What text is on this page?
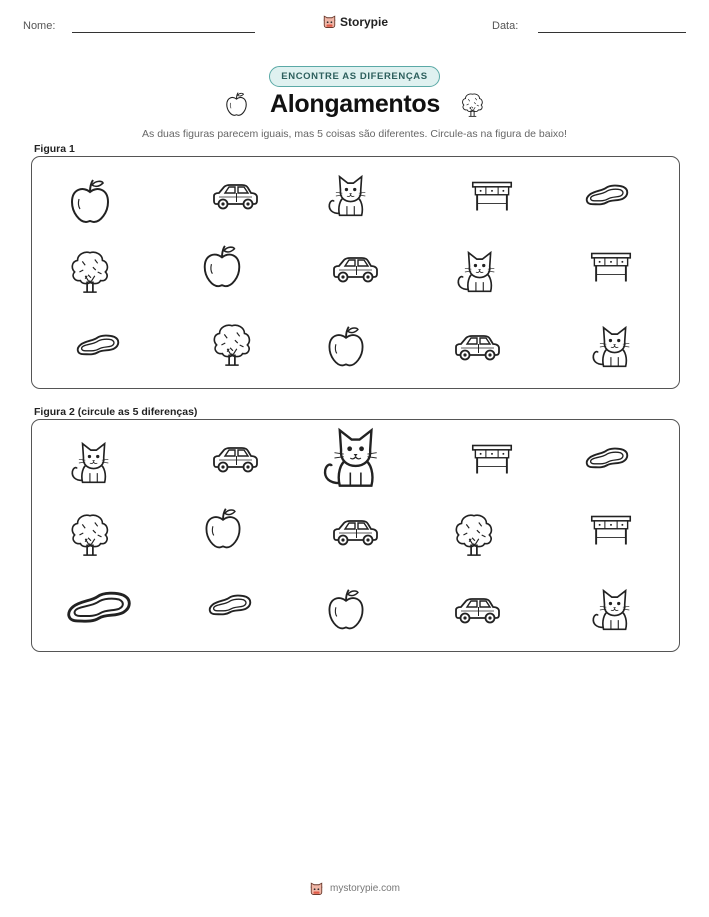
Nome:	Storypie	Data:
ENCONTRE AS DIFERENÇAS
Alongamentos
As duas figuras parecem iguais, mas 5 coisas são diferentes. Circule-as na figura de baixo!
Figura 1
Figura 2 (circule as 5 diferenças)
mystorypie.com
